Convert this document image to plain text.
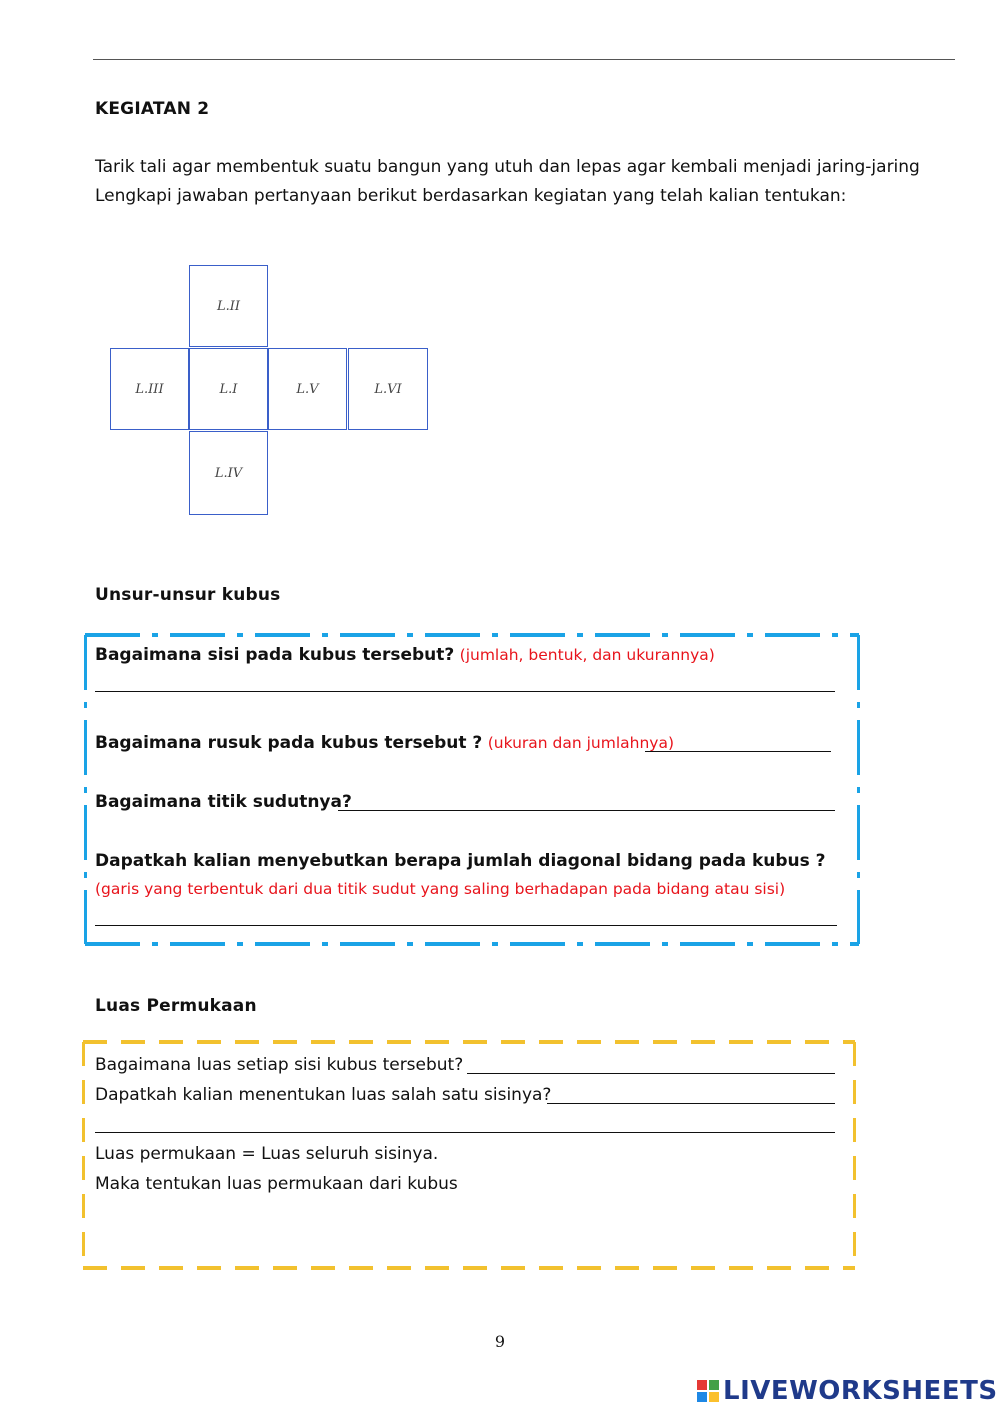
KEGIATAN 2
Tarik tali agar membentuk suatu bangun yang utuh dan lepas agar kembali menjadi jaring-jaring
Lengkapi jawaban pertanyaan berikut berdasarkan kegiatan yang telah kalian tentukan:
L.II
L.III	L.I	L.V	L.VI
L.IV
Unsur-unsur kubus
Bagaimana sisi pada kubus tersebut? (jumlah, bentuk, dan ukurannya)
Bagaimana rusuk pada kubus tersebut ? (ukuran dan jumlahnya)
Bagaimana titik sudutnya?
Dapatkah kalian menyebutkan berapa jumlah diagonal bidang pada kubus ?
(garis yang terbentuk dari dua titik sudut yang saling berhadapan pada bidang atau sisi)
Luas Permukaan
Bagaimana luas setiap sisi kubus tersebut?
Dapatkah kalian menentukan luas salah satu sisinya?
Luas permukaan = Luas seluruh sisinya.
Maka tentukan luas permukaan dari kubus
9
LIVEWORKSHEETS
